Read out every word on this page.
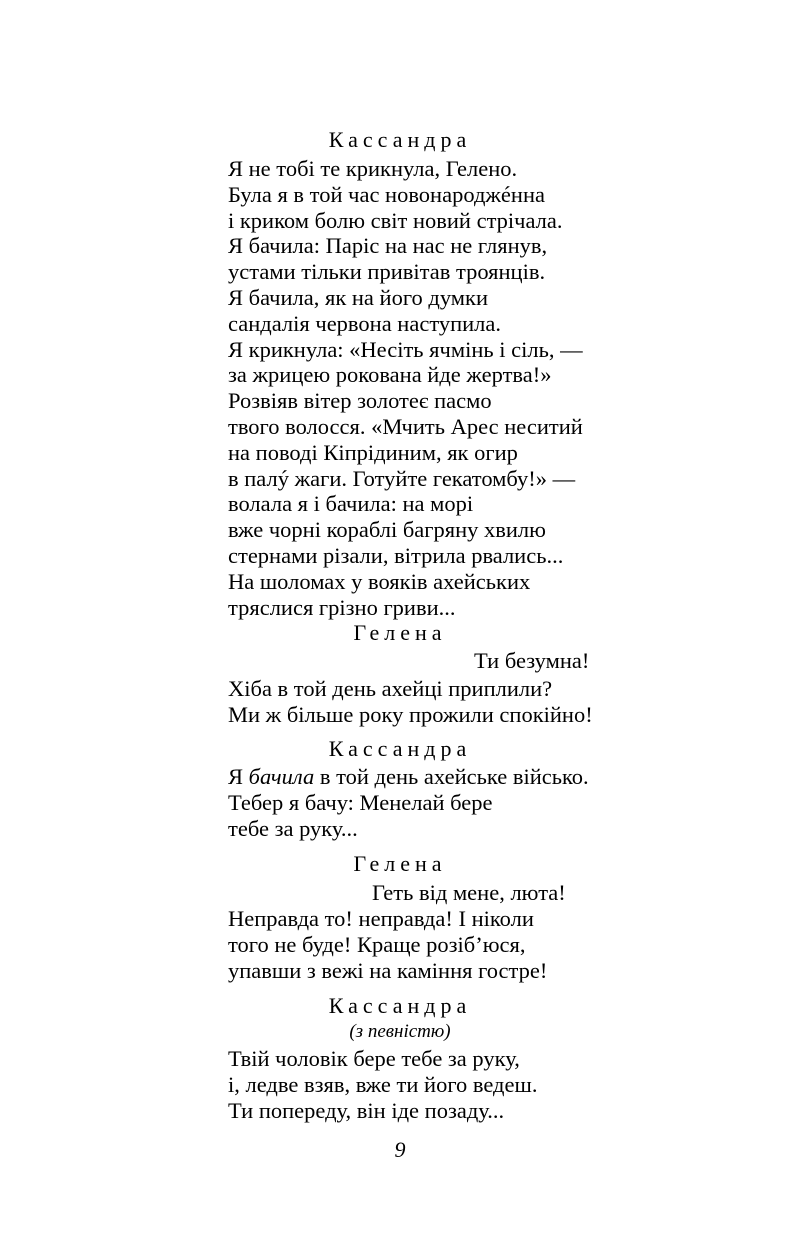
Кассандра
Я не тобі те крикнула, Гелено.
Була я в той час новонароджéнна
і криком болю світ новий стрічала.
Я бачила: Паріс на нас не глянув,
устами тільки привітав троянців.
Я бачила, як на його думки
сандалія червона наступила.
Я крикнула: «Несіть ячмінь і сіль, —
за жрицею рокована йде жертва!»
Розвіяв вітер золотеє пасмо
твого волосся. «Мчить Арес неситий
на поводі Кіпрідиним, як огир
в палý жаги. Готуйте гекатомбу!» —
волала я і бачила: на морі
вже чорні кораблі багряну хвилю
стернами різали, вітрила рвались...
На шоломах у вояків ахейських
тряслися грізно гриви...
Гелена
Ти безумна!
Хіба в той день ахейці приплили?
Ми ж більше року прожили спокійно!
Кассандра
Я бачила в той день ахейське військо.
Тебер я бачу: Менелай бере
тебе за руку...
Гелена
Геть від мене, люта!
Неправда то! неправда! І ніколи
того не буде! Краще розіб’юся,
упавши з вежі на каміння гостре!
Кассандра
(з певністю)
Твій чоловік бере тебе за руку,
і, ледве взяв, вже ти його ведеш.
Ти попереду, він іде позаду...
9
